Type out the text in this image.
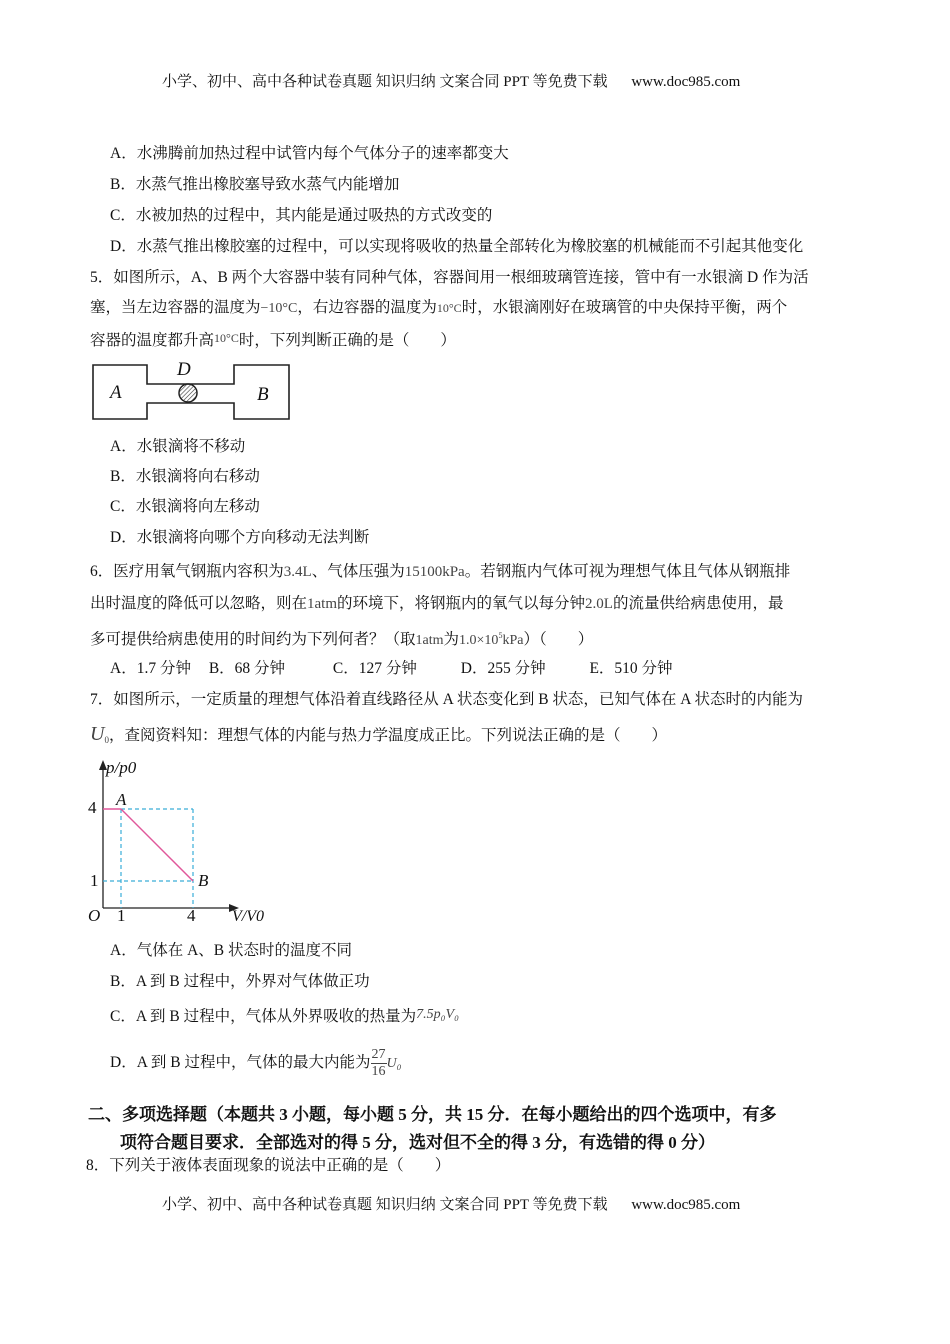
小学、初中、高中各种试卷真题 知识归纳 文案合同 PPT 等免费下载 www.doc985.com
A．水沸腾前加热过程中试管内每个气体分子的速率都变大
B．水蒸气推出橡胶塞导致水蒸气内能增加
C．水被加热的过程中，其内能是通过吸热的方式改变的
D．水蒸气推出橡胶塞的过程中，可以实现将吸收的热量全部转化为橡胶塞的机械能而不引起其他变化
5．如图所示，A、B 两个大容器中装有同种气体，容器间用一根细玻璃管连接，管中有一水银滴 D 作为活
塞，当左边容器的温度为−10°C，右边容器的温度为10°C时，水银滴刚好在玻璃管的中央保持平衡，两个
容器的温度都升高10°C时，下列判断正确的是（　　）
A	B
D
A．水银滴将不移动
B．水银滴将向右移动
C．水银滴将向左移动
D．水银滴将向哪个方向移动无法判断
6．医疗用氧气钢瓶内容积为3.4L、气体压强为15100kPa。若钢瓶内气体可视为理想气体且气体从钢瓶排
出时温度的降低可以忽略，则在1atm的环境下，将钢瓶内的氧气以每分钟2.0L的流量供给病患使用，最
多可提供给病患使用的时间约为下列何者？（取1atm为$1.0\times 10^5kPa$）（　　）
A．1.7 分钟 B．68 分钟	C．127 分钟	D．255 分钟	E．510 分钟
7．如图所示，一定质量的理想气体沿着直线路径从 A 状态变化到 B 状态，已知气体在 A 状态时的内能为
$U_0$，查阅资料知：理想气体的内能与热力学温度成正比。下列说法正确的是（　　）
p/p0
4
1
O 1	4 V/V0
A
B
A．气体在 A、B 状态时的温度不同
B．A 到 B 过程中，外界对气体做正功
C．A 到 B 过程中，气体从外界吸收的热量为7.5p₀V₀
D．A 到 B 过程中，气体的最大内能为 $\frac{27}{16} U_0$
二、多项选择题（本题共 3 小题，每小题 5 分，共 15 分．在每小题给出的四个选项中，有多
项符合题目要求．全部选对的得 5 分，选对但不全的得 3 分，有选错的得 0 分）
8．下列关于液体表面现象的说法中正确的是（　　）
小学、初中、高中各种试卷真题 知识归纳 文案合同 PPT 等免费下载 www.doc985.com
